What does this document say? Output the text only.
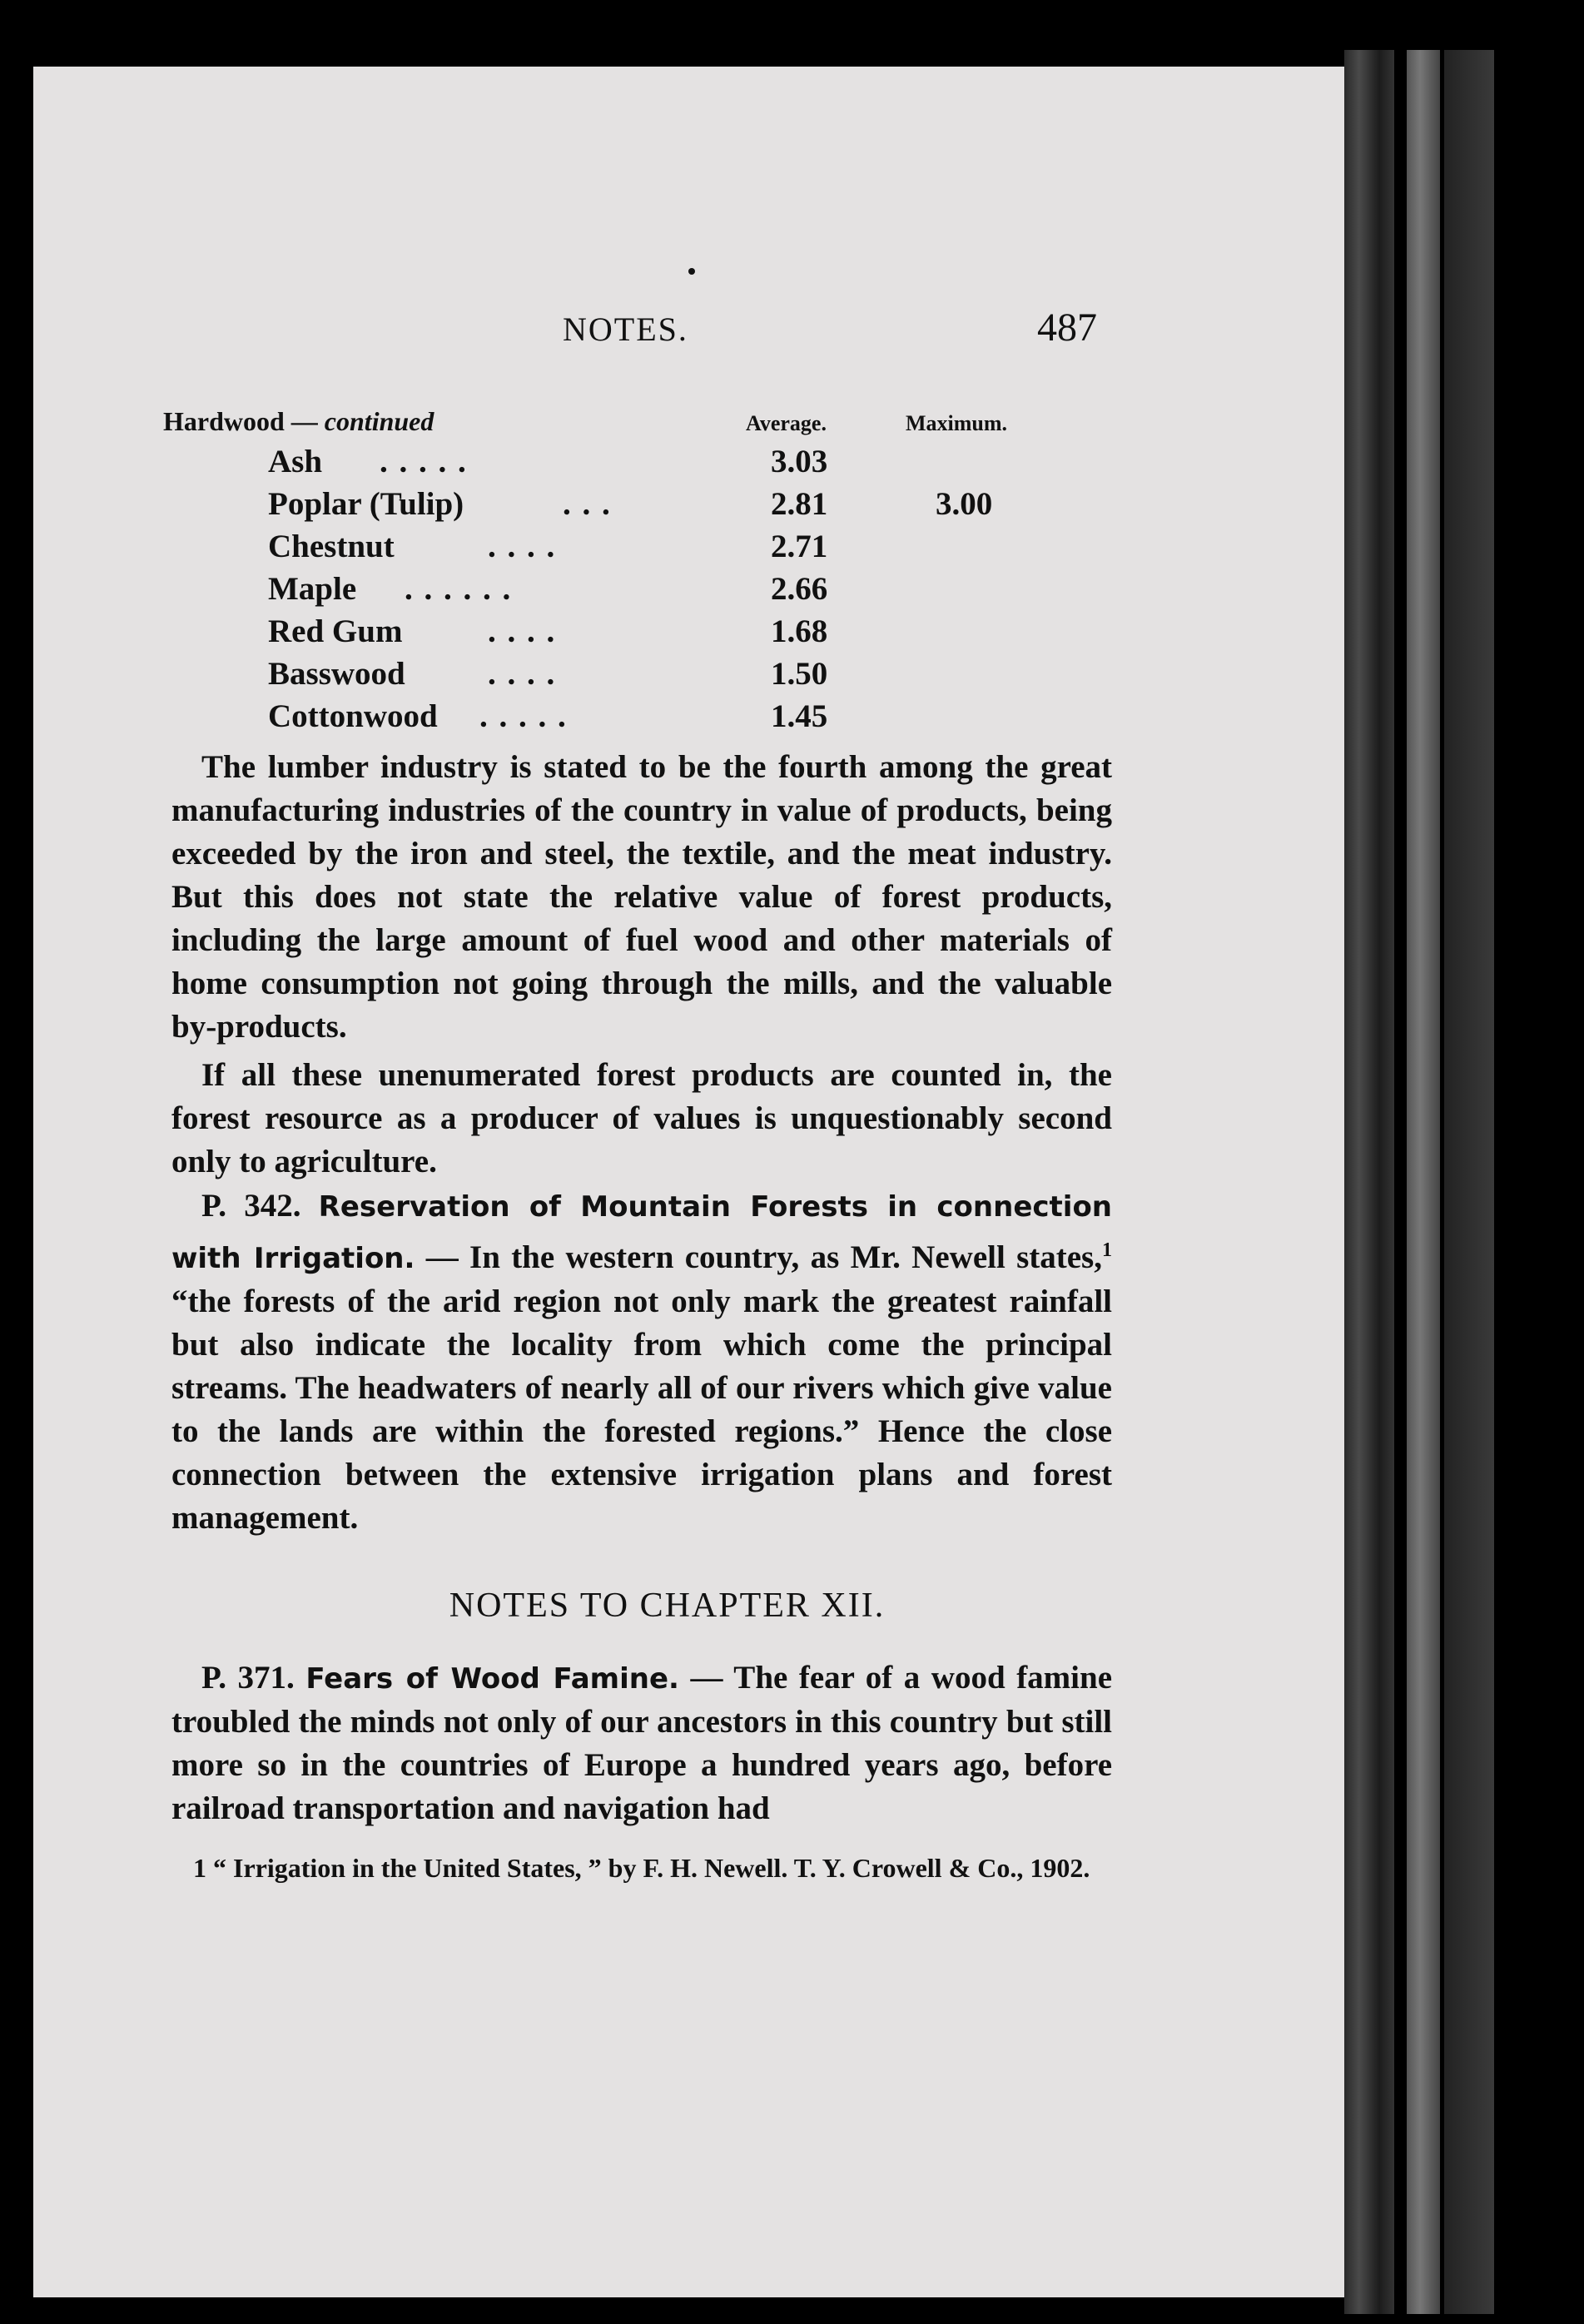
NOTES.	487
Hardwood — continued	Average.	Maximum.
Ash . . . . .	3.03
Poplar (Tulip)	. . .	2.81	3.00
Chestnut	. . . .	2.71
Maple . . . . . .	2.66
Red Gum	. . . .	1.68
Basswood	. . . .	1.50
Cottonwood . . . . .	1.45

The lumber industry is stated to be the fourth among the great manufacturing industries of the country in value of products, being exceeded by the iron and steel, the textile, and the meat industry. But this does not state the relative value of forest products, including the large amount of fuel wood and other materials of home consumption not going through the mills, and the valuable by-products.

If all these unenumerated forest products are counted in, the forest resource as a producer of values is unquestionably second only to agriculture.

P. 342. Reservation of Mountain Forests in connection with Irrigation. — In the western country, as Mr. Newell states,$^1$ “the forests of the arid region not only mark the greatest rainfall but also indicate the locality from which come the principal streams. The headwaters of nearly all of our rivers which give value to the lands are within the forested regions.” Hence the close connection between the extensive irrigation plans and forest management.

NOTES TO CHAPTER XII.

P. 371. Fears of Wood Famine. — The fear of a wood famine troubled the minds not only of our ancestors in this country but still more so in the countries of Europe a hundred years ago, before railroad transportation and navigation had

1 “ Irrigation in the United States, ” by F. H. Newell. T. Y. Crowell & Co., 1902.
